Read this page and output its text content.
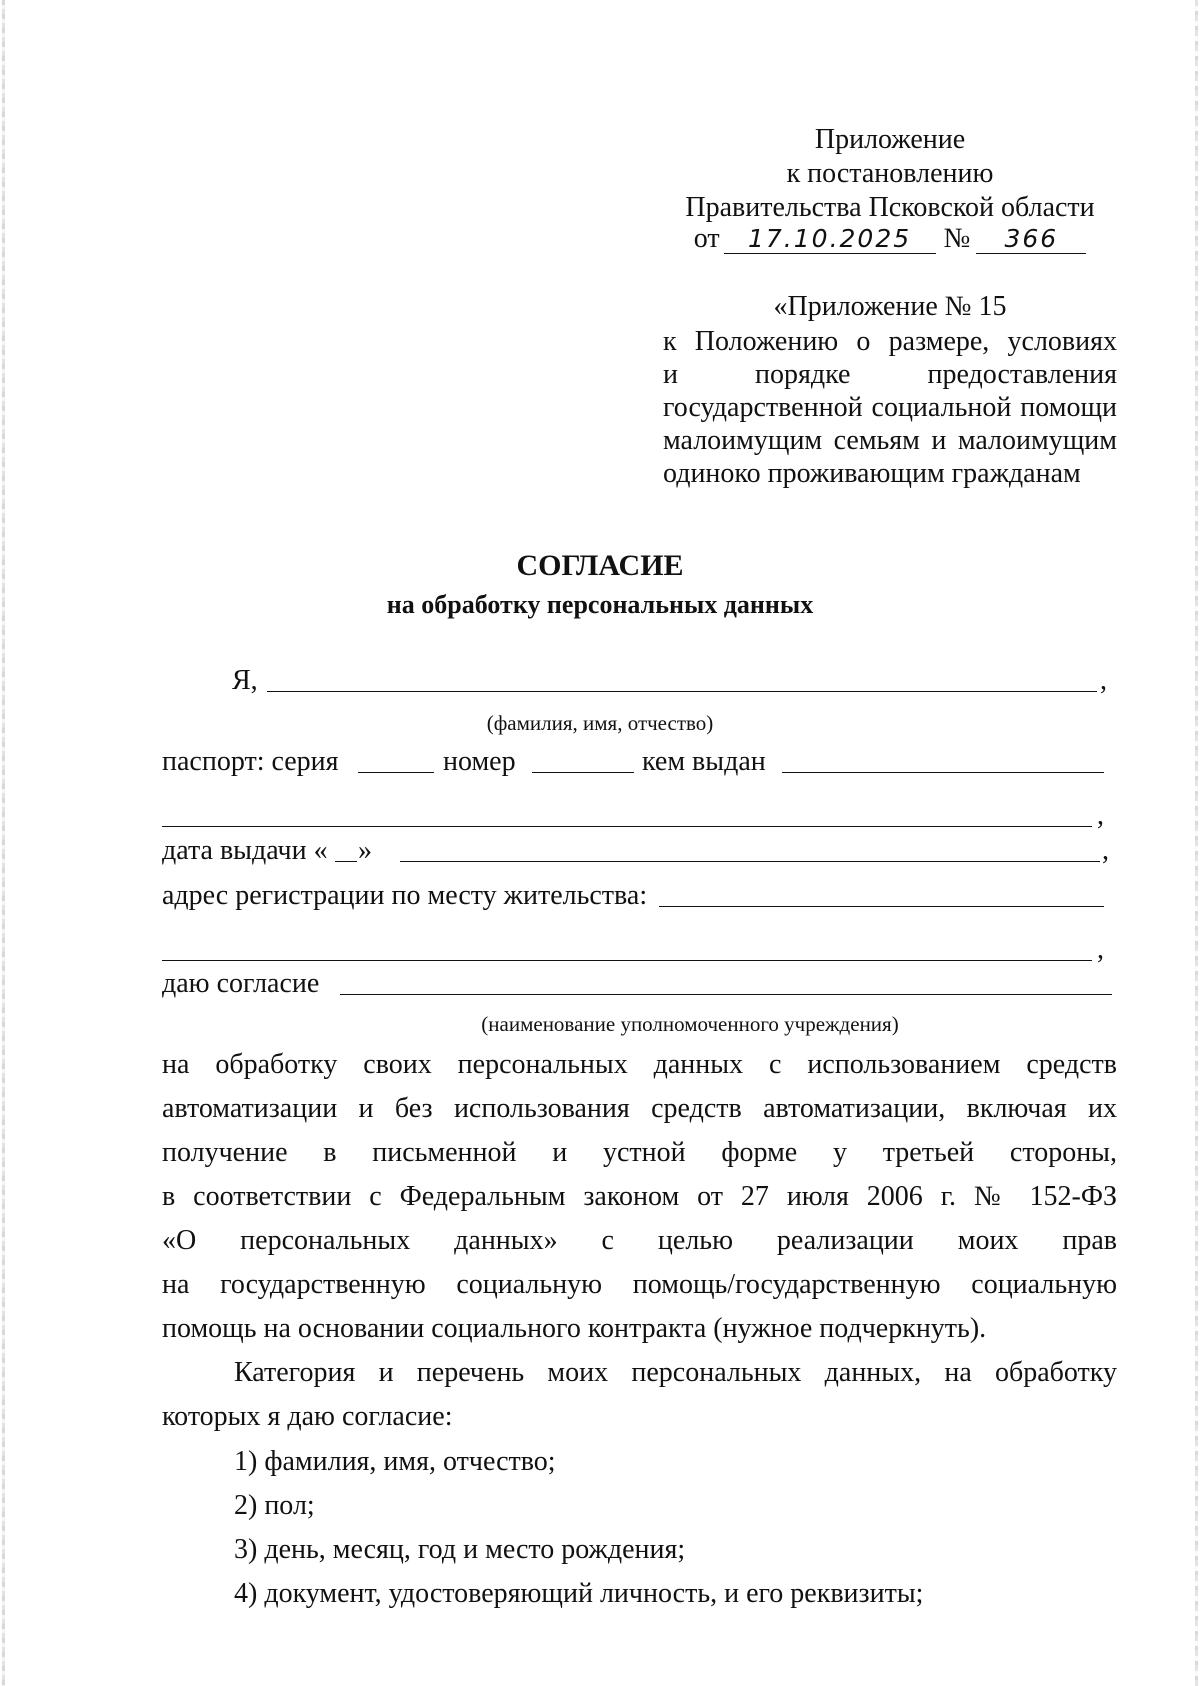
Приложение
к постановлению
Правительства Псковской области
от 17.10.2025 № 366
«Приложение № 15
к Положению о размере, условиях
и порядке предоставления
государственной социальной помощи
малоимущим семьям и малоимущим
одиноко проживающим гражданам
СОГЛАСИЕ
на обработку персональных данных
Я,	,
(фамилия, имя, отчество)
паспорт: серия	номер	кем выдан
,
дата выдачи « »	,
адрес регистрации по месту жительства:
,
даю согласие
(наименование уполномоченного учреждения)
на обработку своих персональных данных с использованием средств
автоматизации и без использования средств автоматизации, включая их
получение в письменной и устной форме у третьей стороны,
в соответствии с Федеральным законом от 27 июля 2006 г. № 152-ФЗ
«О персональных данных» с целью реализации моих прав
на государственную социальную помощь/государственную социальную
помощь на основании социального контракта (нужное подчеркнуть).
Категория и перечень моих персональных данных, на обработку
которых я даю согласие:
1) фамилия, имя, отчество;
2) пол;
3) день, месяц, год и место рождения;
4) документ, удостоверяющий личность, и его реквизиты;
